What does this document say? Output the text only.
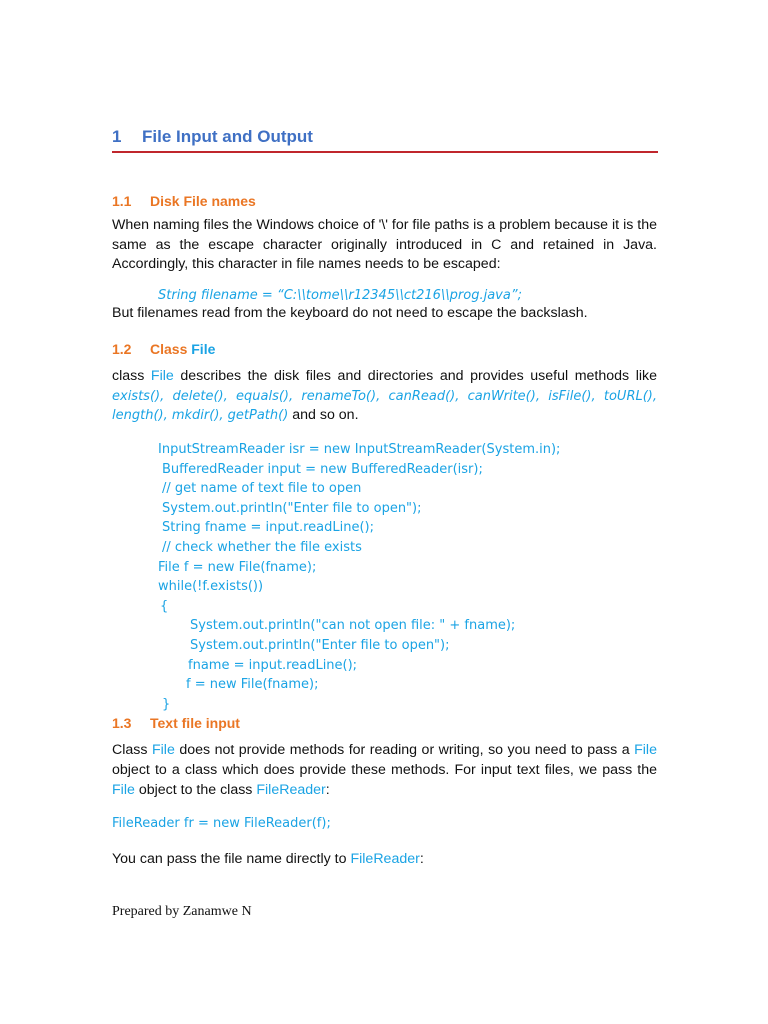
1 File Input and Output
1.1 Disk File names
When naming files the Windows choice of '\' for file paths is a problem because it is the same as the escape character originally introduced in C and retained in Java. Accordingly, this character in file names needs to be escaped:
String filename = “C:\\tome\\r12345\\ct216\\prog.java”;
But filenames read from the keyboard do not need to escape the backslash.
1.2 Class File
class File describes the disk files and directories and provides useful methods like exists(), delete(), equals(), renameTo(), canRead(), canWrite(), isFile(), toURL(), length(), mkdir(), getPath() and so on.
InputStreamReader isr = new InputStreamReader(System.in);
BufferedReader input = new BufferedReader(isr);
// get name of text file to open
System.out.println("Enter file to open");
String fname = input.readLine();
// check whether the file exists
File f = new File(fname);
while(!f.exists())
{
System.out.println("can not open file: " + fname);
System.out.println("Enter file to open");
fname = input.readLine();
f = new File(fname);
}
1.3 Text file input
Class File does not provide methods for reading or writing, so you need to pass a File object to a class which does provide these methods. For input text files, we pass the File object to the class FileReader:
FileReader fr = new FileReader(f);
You can pass the file name directly to FileReader:
Prepared by Zanamwe N
